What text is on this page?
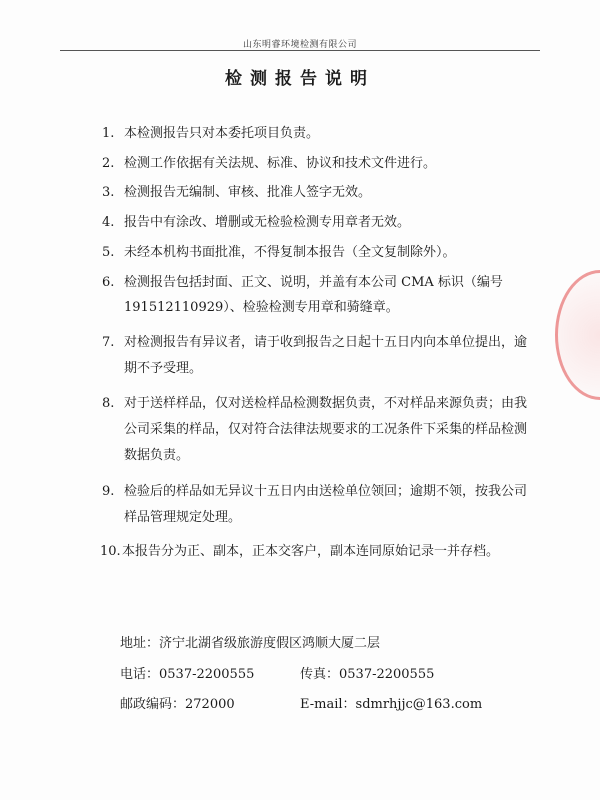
山东明睿环境检测有限公司
检测报告说明
1. 本检测报告只对本委托项目负责。
2. 检测工作依据有关法规、标准、协议和技术文件进行。
3. 检测报告无编制、审核、批准人签字无效。
4. 报告中有涂改、增删或无检验检测专用章者无效。
5. 未经本机构书面批准，不得复制本报告（全文复制除外）。
6. 检测报告包括封面、正文、说明，并盖有本公司 CMA 标识（编号
191512110929）、检验检测专用章和骑缝章。
7. 对检测报告有异议者，请于收到报告之日起十五日内向本单位提出，逾
期不予受理。
8. 对于送样样品，仅对送检样品检测数据负责，不对样品来源负责；由我
公司采集的样品，仅对符合法律法规要求的工况条件下采集的样品检测
数据负责。
9. 检验后的样品如无异议十五日内由送检单位领回；逾期不领，按我公司
样品管理规定处理。
10.本报告分为正、副本，正本交客户，副本连同原始记录一并存档。
地址：济宁北湖省级旅游度假区鸿顺大厦二层
电话：0537-2200555	传真：0537-2200555
邮政编码：272000	E-mail：sdmrhjjc@163.com
